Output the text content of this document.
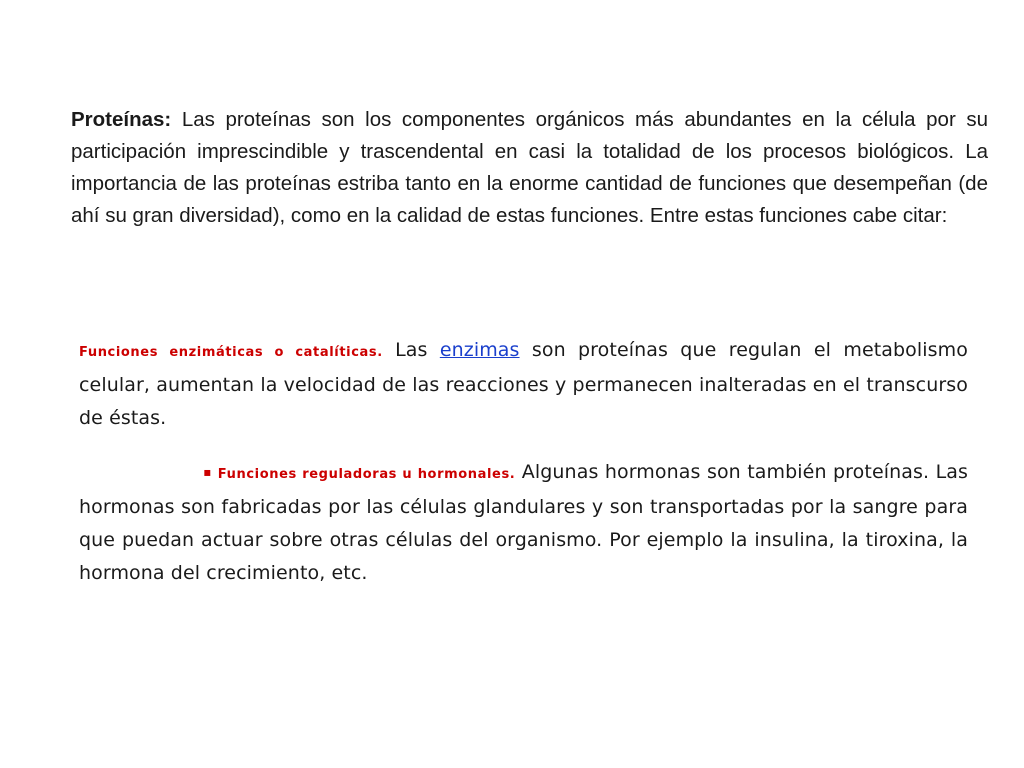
Proteínas: Las proteínas son los componentes orgánicos más abundantes en la célula por su participación imprescindible y trascendental en casi la totalidad de los procesos biológicos. La importancia de las proteínas estriba tanto en la enorme cantidad de funciones que desempeñan (de ahí su gran diversidad), como en la calidad de estas funciones. Entre estas funciones cabe citar:
Funciones enzimáticas o catalíticas. Las enzimas son proteínas que regulan el metabolismo celular, aumentan la velocidad de las reacciones y permanecen inalteradas en el transcurso de éstas.
▪ Funciones reguladoras u hormonales. Algunas hormonas son también proteínas. Las hormonas son fabricadas por las células glandulares y son transportadas por la sangre para que puedan actuar sobre otras células del organismo. Por ejemplo la insulina, la tiroxina, la hormona del crecimiento, etc.
